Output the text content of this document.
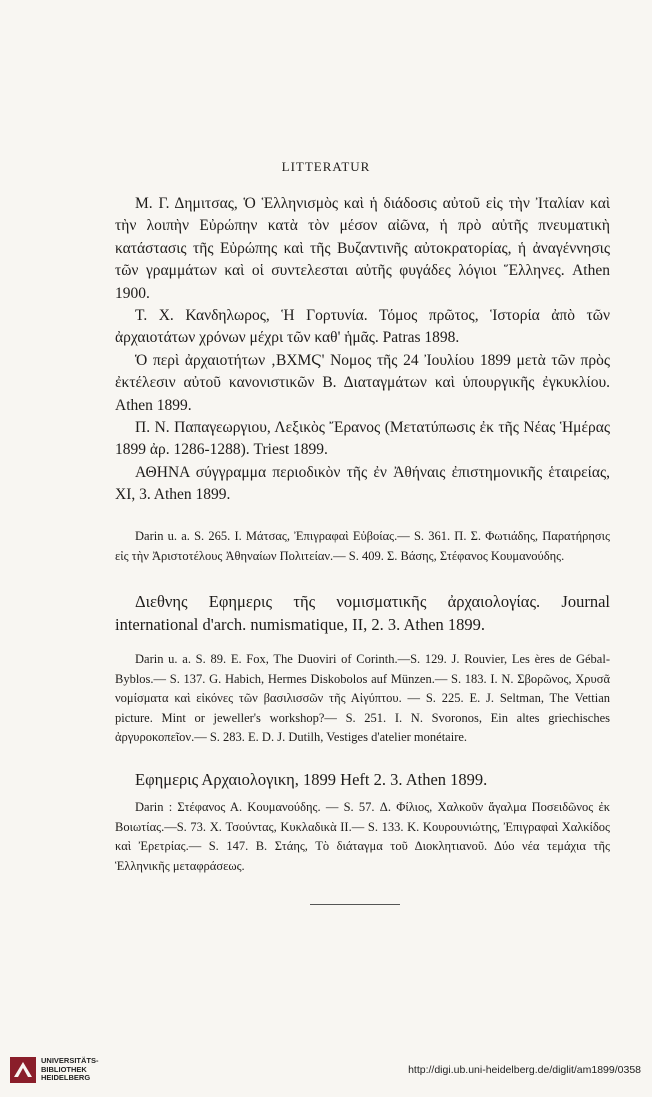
LITTERATUR

Μ. Γ. Δημιτσας, Ὁ Ἑλληνισμὸς καὶ ἡ διάδοσις αὐτοῦ εἰς τὴν Ἰταλίαν καὶ τὴν λοιπὴν Εὐρώπην κατὰ τὸν μέσον αἰῶνα, ἡ πρὸ αὐτῆς πνευματικὴ κατάστασις τῆς Εὐρώπης καὶ τῆς Βυζαντινῆς αὐτοκρατορίας, ἡ ἀναγέννησις τῶν γραμμάτων καὶ οἱ συντελεσται αὐτῆς φυγάδες λόγιοι Ἕλληνες. Athen 1900.

Τ. Χ. Κανδηλωρος, Ἡ Γορτυνία. Τόμος πρῶτος, Ἱστορία ἀπὸ τῶν ἀρχαιοτάτων χρόνων μέχρι τῶν καθ' ἡμᾶς. Patras 1898.

Ὁ περὶ ἀρχαιοτήτων ‚ΒΧΜϚ' Νομος τῆς 24 Ἰουλίου 1899 μετὰ τῶν πρὸς ἐκτέλεσιν αὐτοῦ κανονιστικῶν Β. Διαταγμάτων καὶ ὑπουργικῆς ἐγκυκλίου. Athen 1899.

Π. Ν. Παπαγεωργιου, Λεξικὸς Ἔρανος (Μετατύπωσις ἐκ τῆς Νέας Ἡμέρας 1899 ἀρ. 1286-1288). Triest 1899.

ΑΘΗΝΑ σύγγραμμα περιοδικὸν τῆς ἐν Ἀθήναις ἐπιστημονικῆς ἑταιρείας, XI, 3. Athen 1899.

Darin u. a. S. 265. I. Μάτσας, Ἐπιγραφαὶ Εὐβοίας.— S. 361. Π. Σ. Φωτιάδης, Παρατήρησις εἰς τὴν Ἀριστοτέλους Ἀθηναίων Πολιτείαν.— S. 409. Σ. Βάσης, Στέφανος Κουμανούδης.

Διεθνης Εφημερις τῆς νομισματικῆς ἀρχαιολογίας. Journal international d'arch. numismatique, II, 2. 3. Athen 1899.

Darin u. a. S. 89. E. Fox, The Duoviri of Corinth.—S. 129. J. Rouvier, Les ères de Gébal-Byblos.— S. 137. G. Habich, Hermes Diskobolos auf Münzen.— S. 183. I. N. Σβορῶνος, Χρυσᾶ νομίσματα καὶ εἰκόνες τῶν βασιλισσῶν τῆς Αἰγύπτου. — S. 225. E. J. Seltman, The Vettian picture. Mint or jeweller's workshop?— S. 251. I. N. Svoronos, Ein altes griechisches ἀργυροκοπεῖον.— S. 283. E. D. J. Dutilh, Vestiges d'atelier monétaire.

Εφημερις Αρχαιολογικη, 1899 Heft 2. 3. Athen 1899.

Darin : Στέφανος Α. Κουμανούδης. — S. 57. Δ. Φίλιος, Χαλκοῦν ἄγαλμα Ποσειδῶνος ἐκ Βοιωτίας.—S. 73. X. Τσούντας, Κυκλαδικὰ II.— S. 133. K. Κουρουνιώτης, Ἐπιγραφαὶ Χαλκίδος καὶ Ἐρετρίας.— S. 147. B. Στάης, Τὸ διάταγμα τοῦ Διοκλητιανοῦ. Δύο νέα τεμάχια τῆς Ἑλληνικῆς μεταφράσεως.

UNIVERSITÄTS-
BIBLIOTHEK
HEIDELBERG
http://digi.ub.uni-heidelberg.de/diglit/am1899/0358
